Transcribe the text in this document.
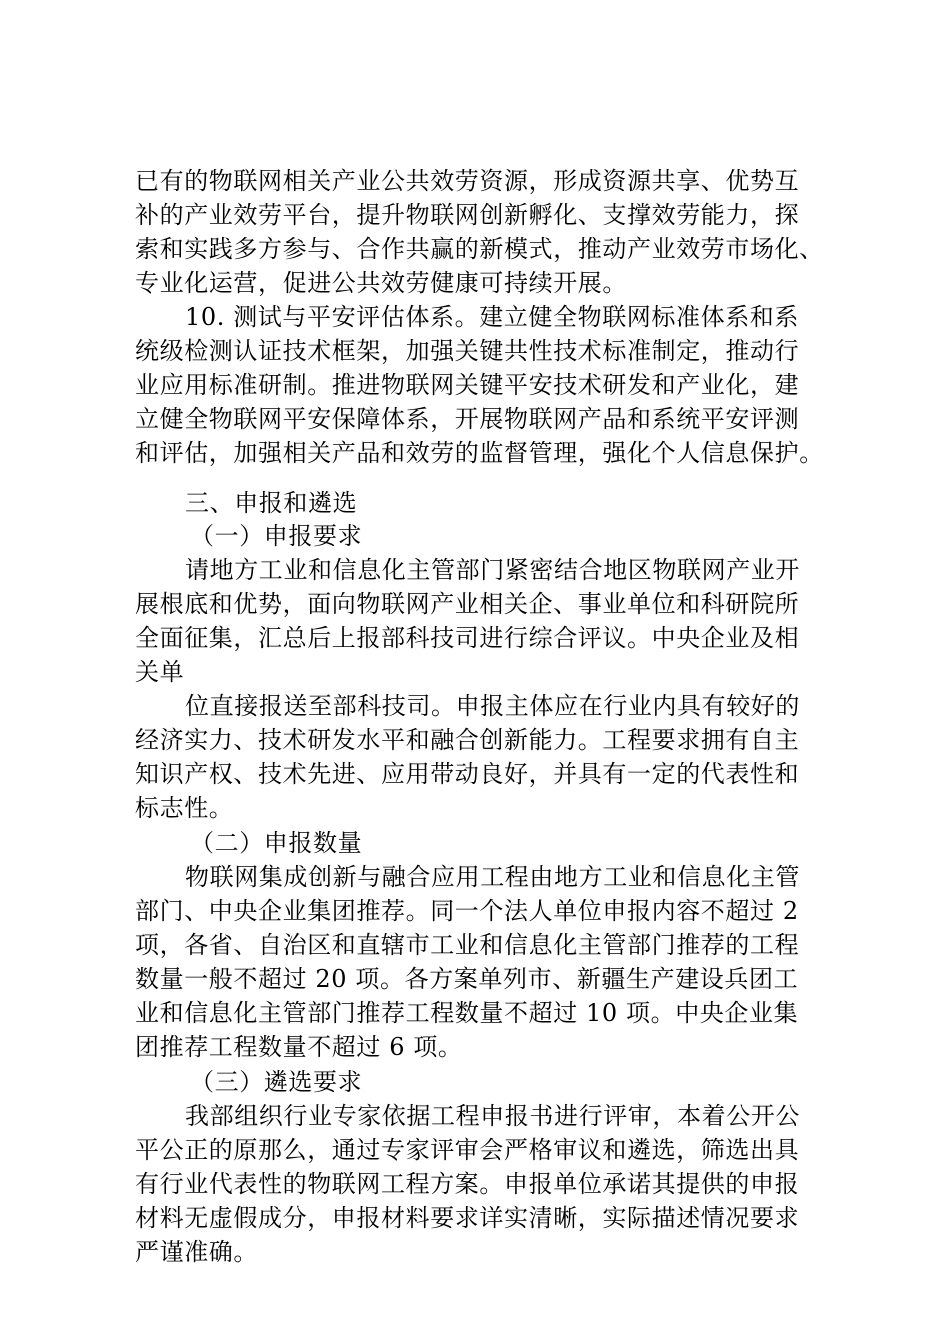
已有的物联网相关产业公共效劳资源，形成资源共享、优势互
补的产业效劳平台，提升物联网创新孵化、支撑效劳能力，探
索和实践多方参与、合作共赢的新模式，推动产业效劳市场化、
专业化运营，促进公共效劳健康可持续开展。
10. 测试与平安评估体系。建立健全物联网标准体系和系
统级检测认证技术框架，加强关键共性技术标准制定，推动行
业应用标准研制。推进物联网关键平安技术研发和产业化，建
立健全物联网平安保障体系，开展物联网产品和系统平安评测
和评估，加强相关产品和效劳的监督管理，强化个人信息保护。
三、申报和遴选
（一）申报要求
请地方工业和信息化主管部门紧密结合地区物联网产业开
展根底和优势，面向物联网产业相关企、事业单位和科研院所
全面征集，汇总后上报部科技司进行综合评议。中央企业及相
关单
位直接报送至部科技司。申报主体应在行业内具有较好的
经济实力、技术研发水平和融合创新能力。工程要求拥有自主
知识产权、技术先进、应用带动良好，并具有一定的代表性和
标志性。
（二）申报数量
物联网集成创新与融合应用工程由地方工业和信息化主管
部门、中央企业集团推荐。同一个法人单位申报内容不超过 2
项，各省、自治区和直辖市工业和信息化主管部门推荐的工程
数量一般不超过 20 项。各方案单列市、新疆生产建设兵团工
业和信息化主管部门推荐工程数量不超过 10 项。中央企业集
团推荐工程数量不超过 6 项。
（三）遴选要求
我部组织行业专家依据工程申报书进行评审，本着公开公
平公正的原那么，通过专家评审会严格审议和遴选，筛选出具
有行业代表性的物联网工程方案。申报单位承诺其提供的申报
材料无虚假成分，申报材料要求详实清晰，实际描述情况要求
严谨准确。
